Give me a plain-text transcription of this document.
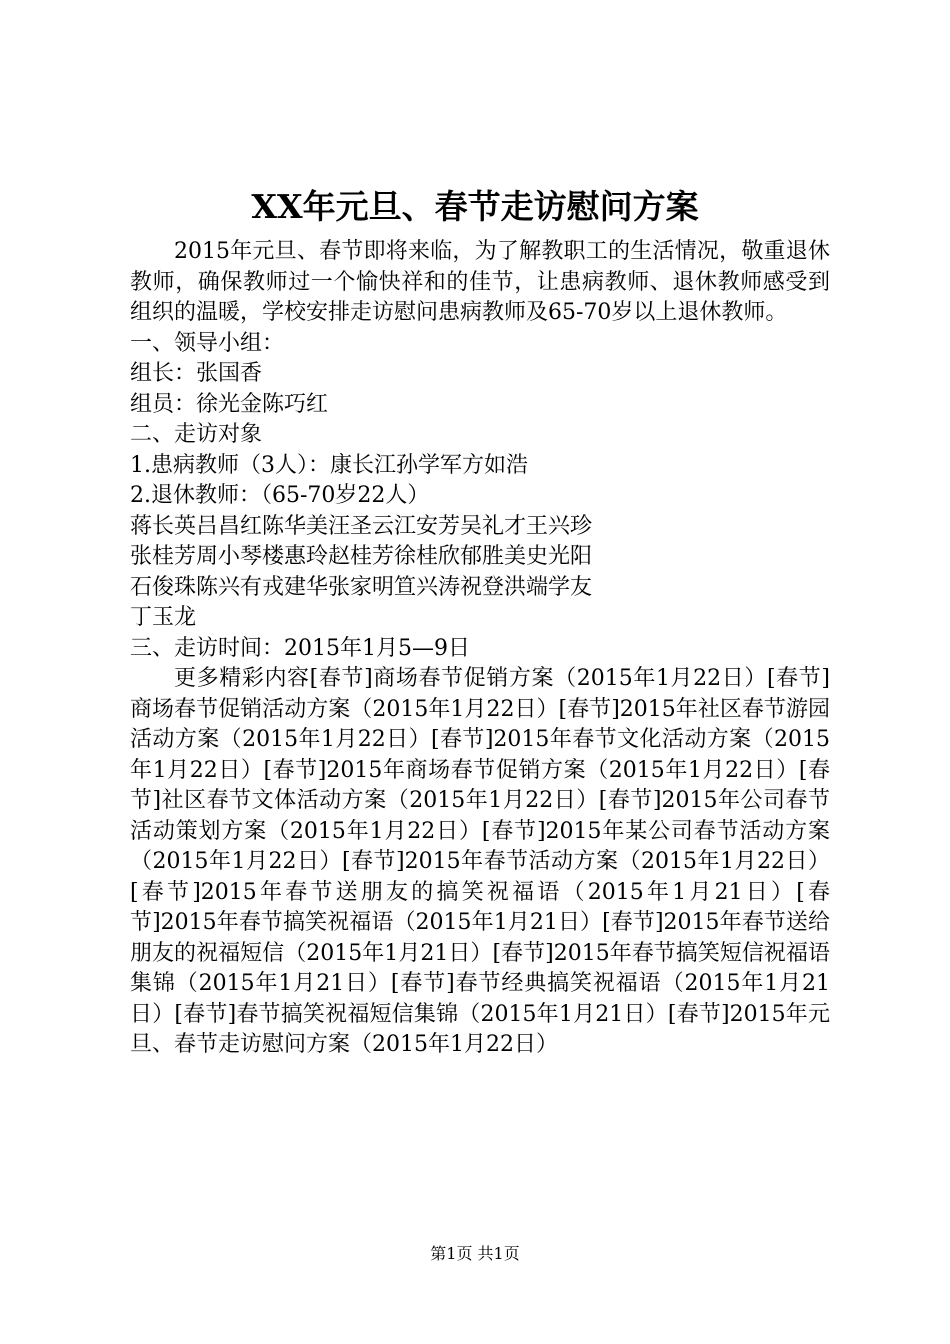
XX年元旦、春节走访慰问方案

2015年元旦、春节即将来临，为了解教职工的生活情况，敬重退休教师，确保教师过一个愉快祥和的佳节，让患病教师、退休教师感受到组织的温暖，学校安排走访慰问患病教师及65-70岁以上退休教师。

一、领导小组：

组长：张国香

组员：徐光金陈巧红

二、走访对象

1.患病教师（3人）：康长江孙学军方如浩

2.退休教师：（65-70岁22人）

蒋长英吕昌红陈华美汪圣云江安芳吴礼才王兴珍

张桂芳周小琴楼惠玲赵桂芳徐桂欣郁胜美史光阳

石俊珠陈兴有戎建华张家明笪兴涛祝登洪端学友

丁玉龙

三、走访时间：2015年1月5—9日

更多精彩内容[春节]商场春节促销方案（2015年1月22日）[春节]商场春节促销活动方案（2015年1月22日）[春节]2015年社区春节游园活动方案（2015年1月22日）[春节]2015年春节文化活动方案（2015年1月22日）[春节]2015年商场春节促销方案（2015年1月22日）[春节]社区春节文体活动方案（2015年1月22日）[春节]2015年公司春节活动策划方案（2015年1月22日）[春节]2015年某公司春节活动方案（2015年1月22日）[春节]2015年春节活动方案（2015年1月22日）[春节]2015年春节送朋友的搞笑祝福语（2015年1月21日）[春节]2015年春节搞笑祝福语（2015年1月21日）[春节]2015年春节送给朋友的祝福短信（2015年1月21日）[春节]2015年春节搞笑短信祝福语集锦（2015年1月21日）[春节]春节经典搞笑祝福语（2015年1月21日）[春节]春节搞笑祝福短信集锦（2015年1月21日）[春节]2015年元旦、春节走访慰问方案（2015年1月22日）

第1页 共1页
